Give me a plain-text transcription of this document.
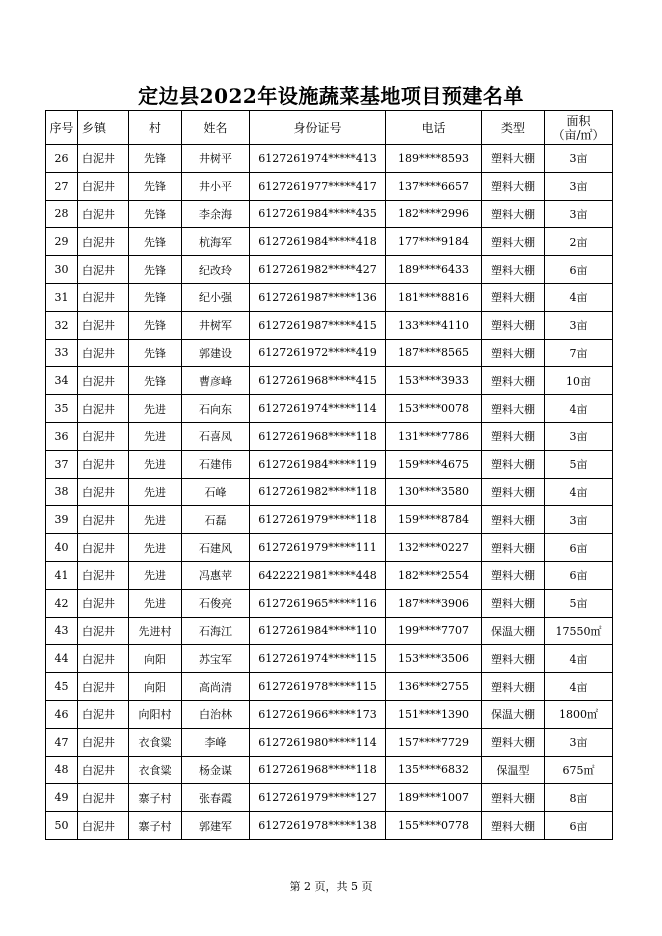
定边县2022年设施蔬菜基地项目预建名单
序号	乡镇	村	姓名	身份证号	电话	类型	面积
（亩/㎡）

26	白泥井	先锋	井树平	6127261974*****413	189****8593	塑料大棚	3亩
27	白泥井	先锋	井小平	6127261977*****417	137****6657	塑料大棚	3亩
28	白泥井	先锋	李余海	6127261984*****435	182****2996	塑料大棚	3亩
29	白泥井	先锋	杭海军	6127261984*****418	177****9184	塑料大棚	2亩
30	白泥井	先锋	纪改玲	6127261982*****427	189****6433	塑料大棚	6亩
31	白泥井	先锋	纪小强	6127261987*****136	181****8816	塑料大棚	4亩
32	白泥井	先锋	井树军	6127261987*****415	133****4110	塑料大棚	3亩
33	白泥井	先锋	郭建设	6127261972*****419	187****8565	塑料大棚	7亩
34	白泥井	先锋	曹彦峰	6127261968*****415	153****3933	塑料大棚	10亩
35	白泥井	先进	石向东	6127261974*****114	153****0078	塑料大棚	4亩
36	白泥井	先进	石喜凤	6127261968*****118	131****7786	塑料大棚	3亩
37	白泥井	先进	石建伟	6127261984*****119	159****4675	塑料大棚	5亩
38	白泥井	先进	石峰	6127261982*****118	130****3580	塑料大棚	4亩
39	白泥井	先进	石磊	6127261979*****118	159****8784	塑料大棚	3亩
40	白泥井	先进	石建风	6127261979*****111	132****0227	塑料大棚	6亩
41	白泥井	先进	冯惠苹	6422221981*****448	182****2554	塑料大棚	6亩
42	白泥井	先进	石俊亮	6127261965*****116	187****3906	塑料大棚	5亩
43	白泥井	先进村	石海江	6127261984*****110	199****7707	保温大棚	17550㎡
44	白泥井	向阳	苏宝军	6127261974*****115	153****3506	塑料大棚	4亩
45	白泥井	向阳	高尚清	6127261978*****115	136****2755	塑料大棚	4亩
46	白泥井	向阳村	白治林	6127261966*****173	151****1390	保温大棚	1800㎡
47	白泥井	衣食粱	李峰	6127261980*****114	157****7729	塑料大棚	3亩
48	白泥井	衣食粱	杨金谋	6127261968*****118	135****6832	保温型	675㎡
49	白泥井	寨子村	张春霞	6127261979*****127	189****1007	塑料大棚	8亩
50	白泥井	寨子村	郭建军	6127261978*****138	155****0778	塑料大棚	6亩
第 2 页，共 5 页
